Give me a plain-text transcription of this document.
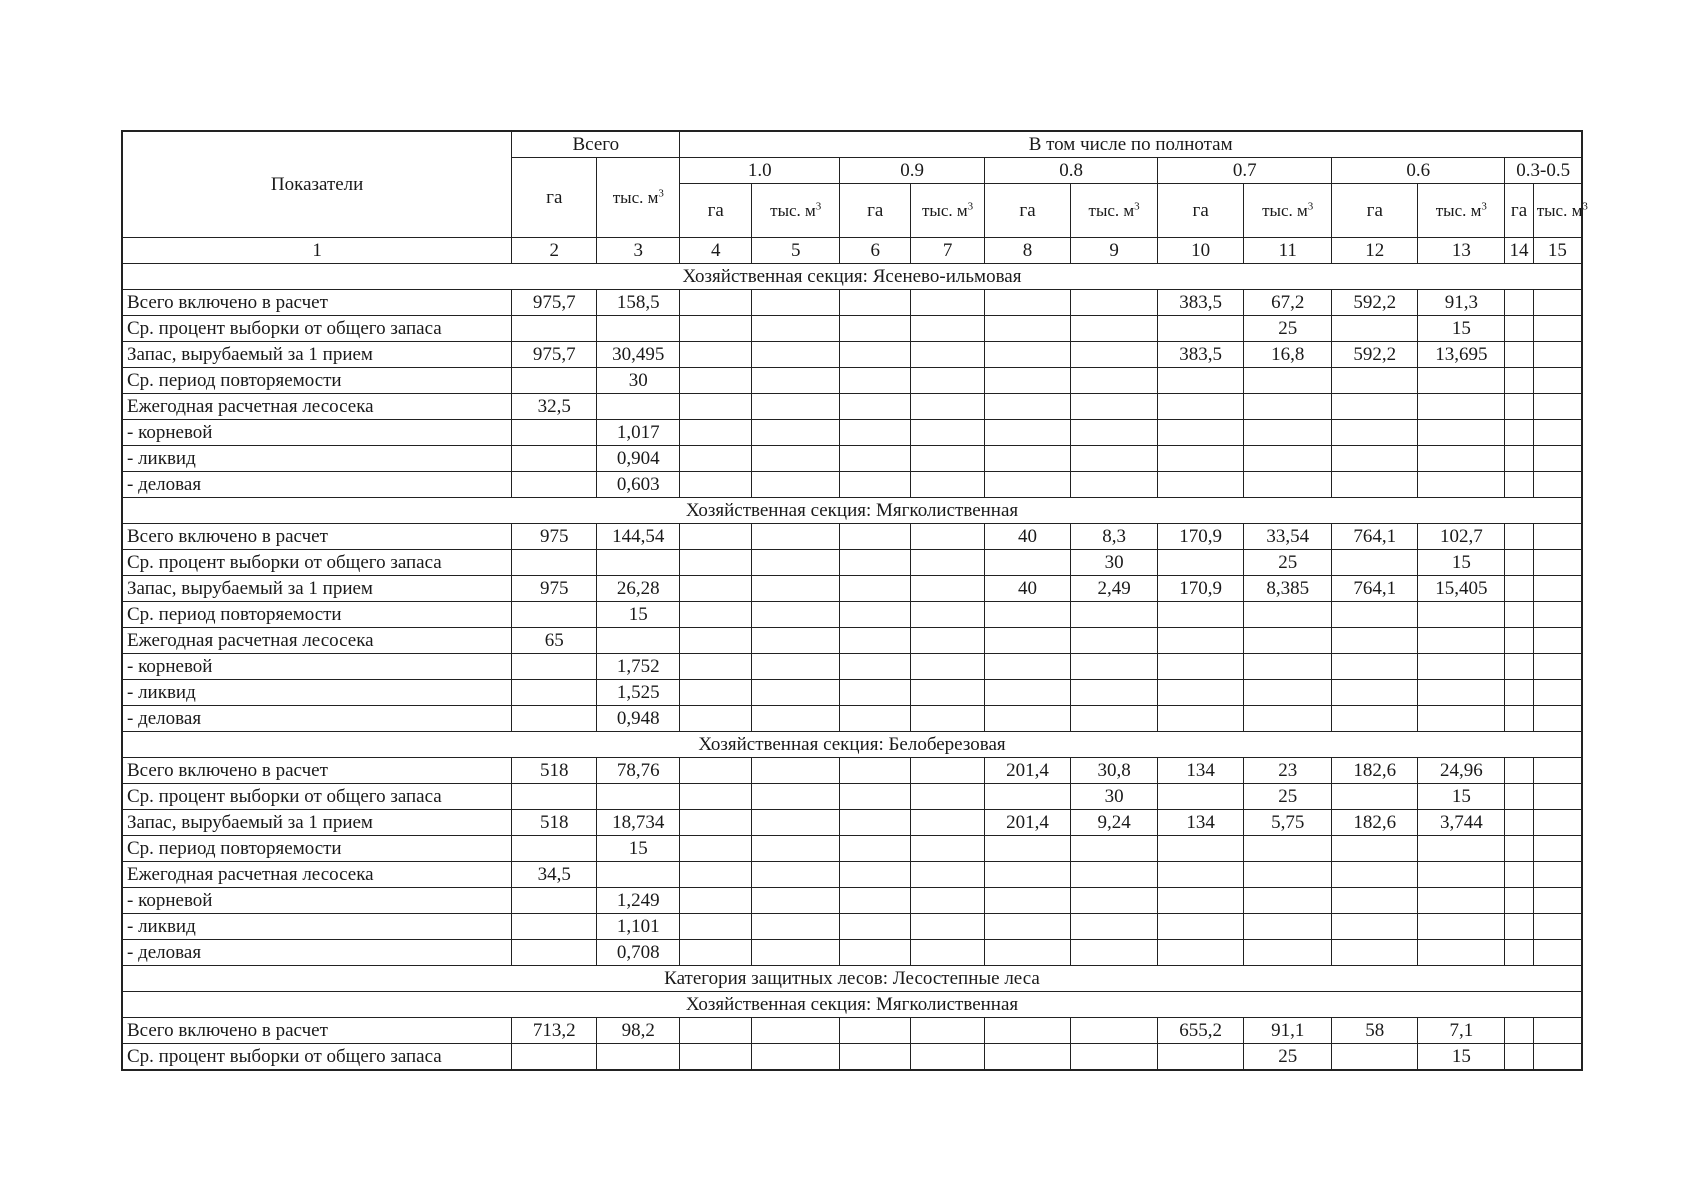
Показатели	Всего		В том числе по полнотам											
	га	тыс. $м^3$	1.0		0.9		0.8		0.7		0.6		0.3-0.5	
			га	тыс. $м^3$	га	тыс. $м^3$	га	тыс. $м^3$	га	тыс. $м^3$	га	тыс. $м^3$	га	тыс. $м^3$
1	2	3	4	5	6	7	8	9	10	11	12	13	14	15
Хозяйственная секция: Ясенево-ильмовая														
Всего включено в расчет	975,7	158,5							383,5	67,2	592,2	91,3		
Ср. процент выборки от общего запаса										25		15		
Запас, вырубаемый за 1 прием	975,7	30,495							383,5	16,8	592,2	13,695		
Ср. период повторяемости		30												
Ежегодная расчетная лесосека	32,5													
- корневой		1,017												
- ликвид		0,904												
- деловая		0,603												
Хозяйственная секция: Мягколиственная														
Всего включено в расчет	975	144,54					40	8,3	170,9	33,54	764,1	102,7		
Ср. процент выборки от общего запаса								30		25		15		
Запас, вырубаемый за 1 прием	975	26,28					40	2,49	170,9	8,385	764,1	15,405		
Ср. период повторяемости		15												
Ежегодная расчетная лесосека	65													
- корневой		1,752												
- ликвид		1,525												
- деловая		0,948												
Хозяйственная секция: Белоберезовая														
Всего включено в расчет	518	78,76					201,4	30,8	134	23	182,6	24,96		
Ср. процент выборки от общего запаса								30		25		15		
Запас, вырубаемый за 1 прием	518	18,734					201,4	9,24	134	5,75	182,6	3,744		
Ср. период повторяемости		15												
Ежегодная расчетная лесосека	34,5													
- корневой		1,249												
- ликвид		1,101												
- деловая		0,708												
Категория защитных лесов: Лесостепные леса														
Хозяйственная секция: Мягколиственная														
Всего включено в расчет	713,2	98,2							655,2	91,1	58	7,1		
Ср. процент выборки от общего запаса										25		15		
